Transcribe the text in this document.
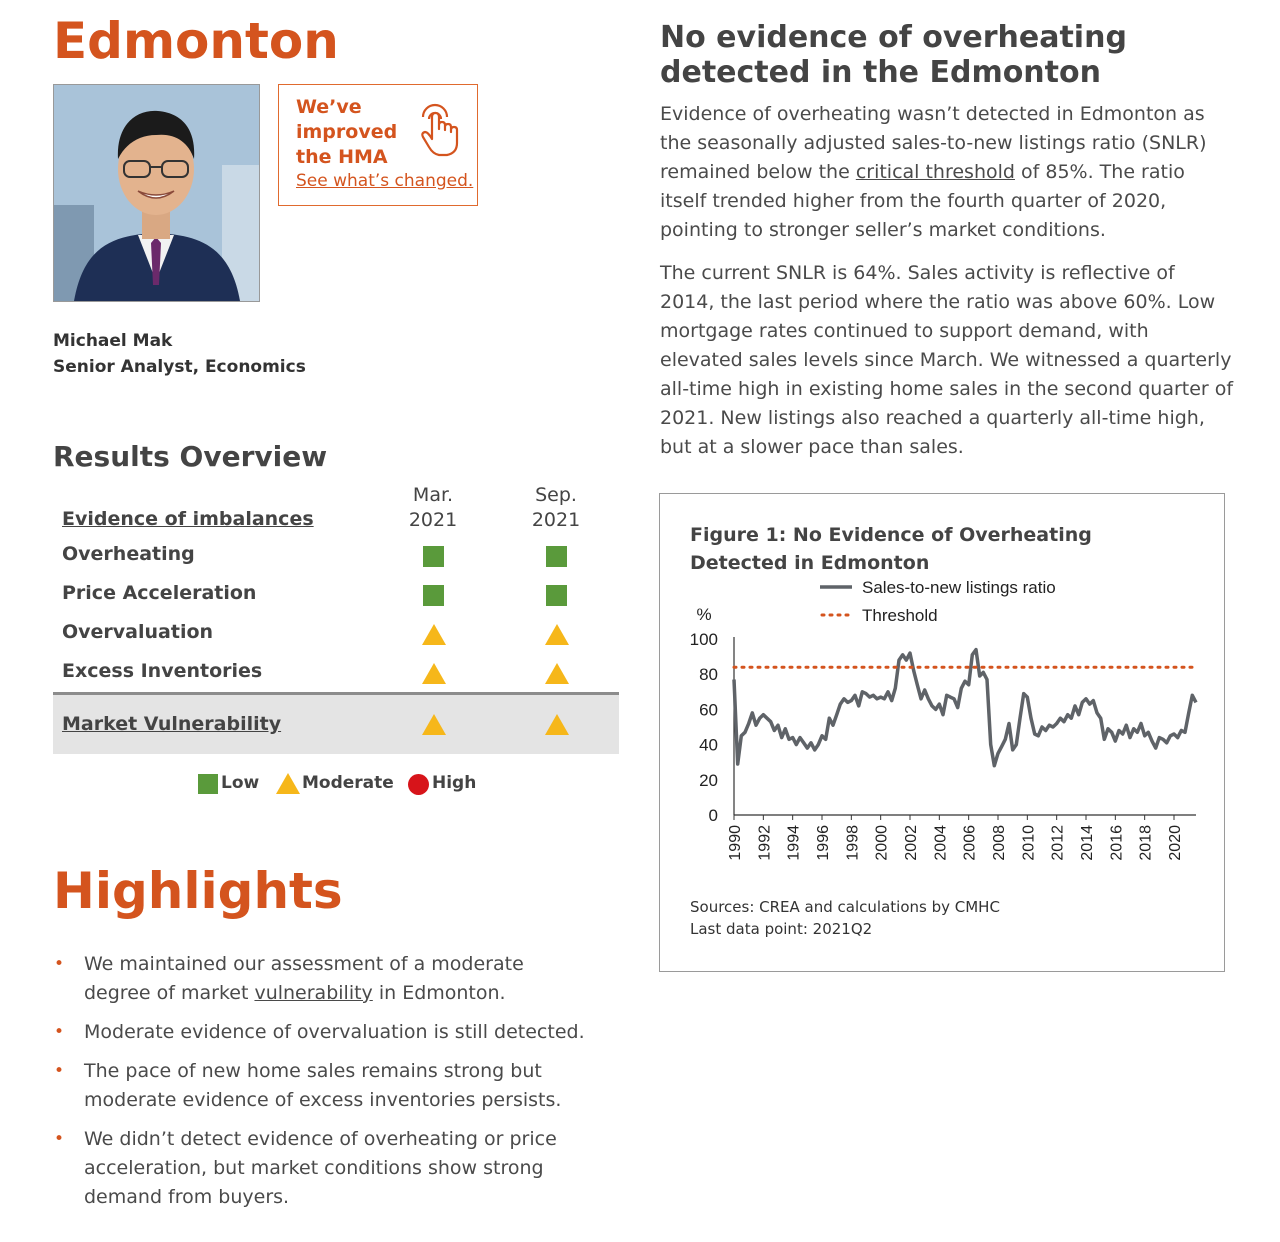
Edmonton
We’ve
improved
the HMA
See what’s changed.
Michael Mak
Senior Analyst, Economics
Results Overview
Mar.
2021
Sep.
2021
Evidence of imbalances
Overheating
Price Acceleration
Overvaluation
Excess Inventories
Market Vulnerability
Low	Moderate High
Highlights
• We maintained our assessment of a moderate degree of market vulnerability in Edmonton.
• Moderate evidence of overvaluation is still detected.
• The pace of new home sales remains strong but moderate evidence of excess inventories persists.
• We didn’t detect evidence of overheating or price acceleration, but market conditions show strong demand from buyers.
No evidence of overheating detected in the Edmonton

Evidence of overheating wasn’t detected in Edmonton as the seasonally adjusted sales-to-new listings ratio (SNLR) remained below the critical threshold of 85%. The ratio itself trended higher from the fourth quarter of 2020, pointing to stronger seller’s market conditions.

The current SNLR is 64%. Sales activity is reflective of 2014, the last period where the ratio was above 60%. Low mortgage rates continued to support demand, with elevated sales levels since March. We witnessed a quarterly all-time high in existing home sales in the second quarter of 2021. New listings also reached a quarterly all-time high, but at a slower pace than sales.

Figure 1: No Evidence of Overheating Detected in Edmonton
0
20
40
60
80
100
%
1990 1992 1994 1996 1998 2000 2002 2004 2006 2008 2010 2012 2014 2016 2018 2020
Sales-to-new listings ratio
Threshold
Sources: CREA and calculations by CMHC
Last data point: 2021Q2
